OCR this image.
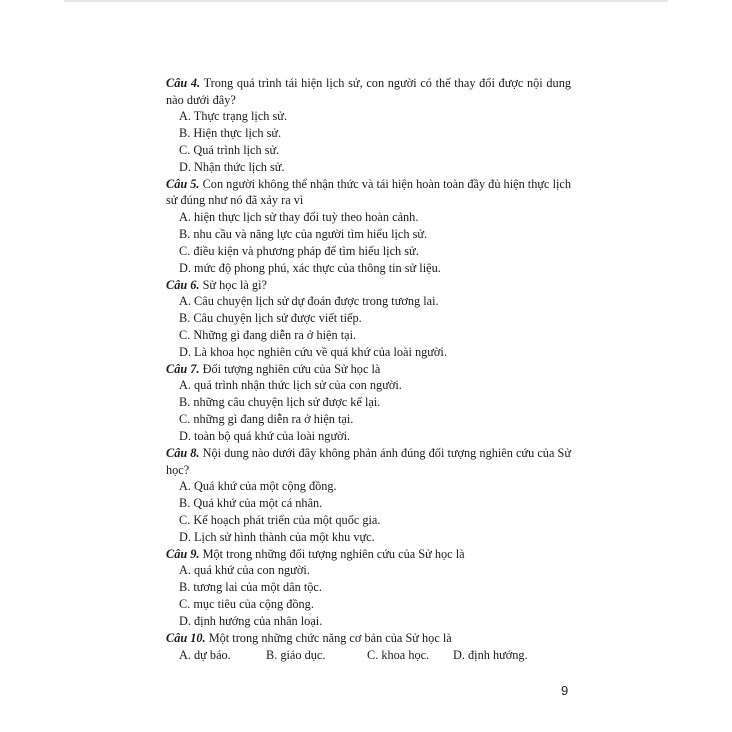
Câu 4. Trong quá trình tái hiện lịch sử, con người có thể thay đổi được nội dung nào dưới đây?

A. Thực trạng lịch sử.

B. Hiện thực lịch sử.

C. Quá trình lịch sử.

D. Nhận thức lịch sử.

Câu 5. Con người không thể nhận thức và tái hiện hoàn toàn đầy đủ hiện thực lịch sử đúng như nó đã xảy ra vì

A. hiện thực lịch sử thay đổi tuỳ theo hoàn cảnh.

B. nhu cầu và năng lực của người tìm hiểu lịch sử.

C. điều kiện và phương pháp để tìm hiểu lịch sử.

D. mức độ phong phú, xác thực của thông tin sử liệu.

Câu 6. Sử học là gì?

A. Câu chuyện lịch sử dự đoán được trong tương lai.

B. Câu chuyện lịch sử được viết tiếp.

C. Những gì đang diễn ra ở hiện tại.

D. Là khoa học nghiên cứu về quá khứ của loài người.

Câu 7. Đối tượng nghiên cứu của Sử học là

A. quá trình nhận thức lịch sử của con người.

B. những câu chuyện lịch sử được kể lại.

C. những gì đang diễn ra ở hiện tại.

D. toàn bộ quá khứ của loài người.

Câu 8. Nội dung nào dưới đây không phản ánh đúng đối tượng nghiên cứu của Sử học?

A. Quá khứ của một cộng đồng.

B. Quá khứ của một cá nhân.

C. Kế hoạch phát triển của một quốc gia.

D. Lịch sử hình thành của một khu vực.

Câu 9. Một trong những đối tượng nghiên cứu của Sử học là

A. quá khứ của con người.

B. tương lai của một dân tộc.

C. mục tiêu của cộng đồng.

D. định hướng của nhân loại.

Câu 10. Một trong những chức năng cơ bản của Sử học là

A. dự báo.	B. giáo dục.	C. khoa học.	D. định hướng.
9
